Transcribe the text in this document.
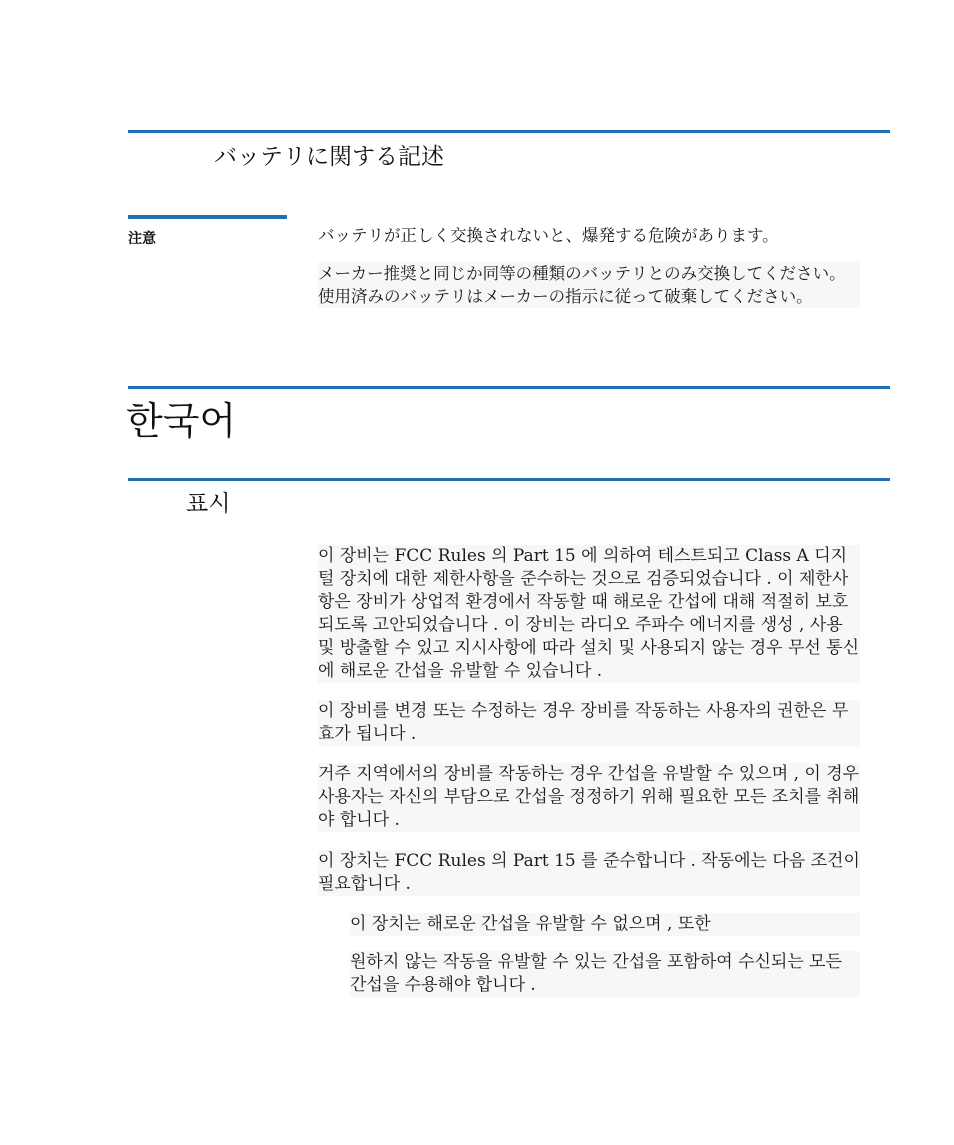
バッテリに関する記述
注意	バッテリが正しく交換されないと、爆発する危険があります。

メーカー推奨と同じか同等の種類のバッテリとのみ交換してください。使用済みのバッテリはメーカーの指示に従って破棄してください。

한국어
표시

이 장비는 FCC Rules 의 Part 15 에 의하여 테스트되고 Class A 디지털 장치에 대한 제한사항을 준수하는 것으로 검증되었습니다 . 이 제한사항은 장비가 상업적 환경에서 작동할 때 해로운 간섭에 대해 적절히 보호되도록 고안되었습니다 . 이 장비는 라디오 주파수 에너지를 생성 , 사용 및 방출할 수 있고 지시사항에 따라 설치 및 사용되지 않는 경우 무선 통신에 해로운 간섭을 유발할 수 있습니다 .

이 장비를 변경 또는 수정하는 경우 장비를 작동하는 사용자의 권한은 무효가 됩니다 .

거주 지역에서의 장비를 작동하는 경우 간섭을 유발할 수 있으며 , 이 경우 사용자는 자신의 부담으로 간섭을 정정하기 위해 필요한 모든 조치를 취해야 합니다 .

이 장치는 FCC Rules 의 Part 15 를 준수합니다 . 작동에는 다음 조건이 필요합니다 .

이 장치는 해로운 간섭을 유발할 수 없으며 , 또한

원하지 않는 작동을 유발할 수 있는 간섭을 포함하여 수신되는 모든 간섭을 수용해야 합니다 .
